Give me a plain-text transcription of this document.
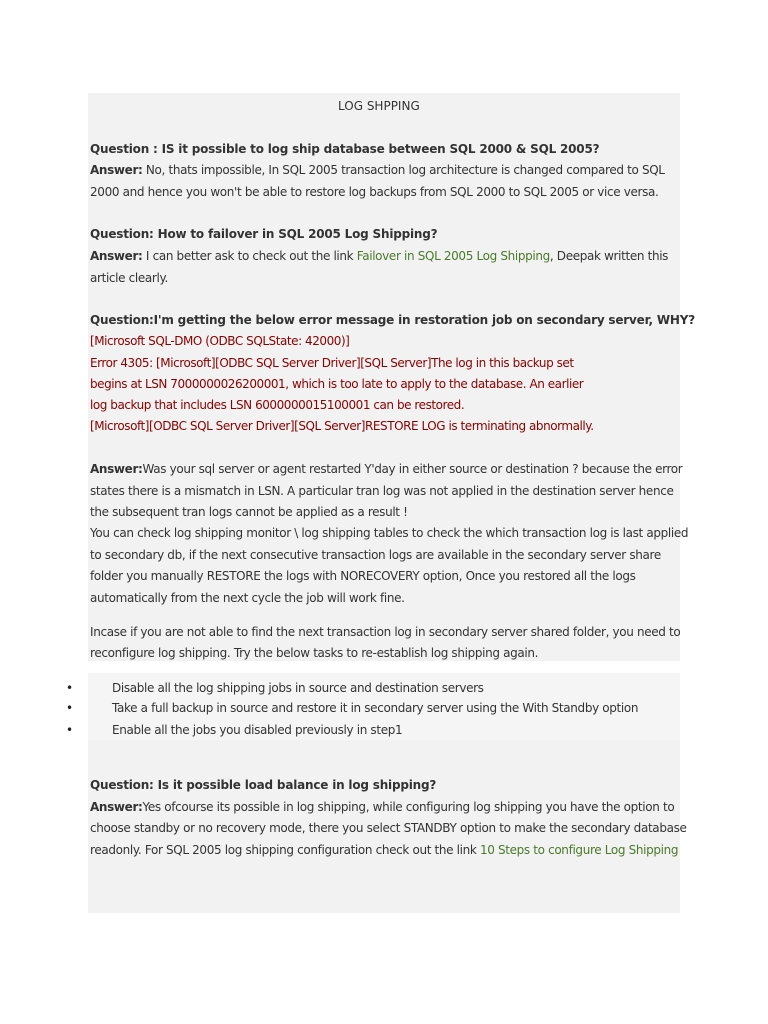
LOG SHPPING
Question : IS it possible to log ship database between SQL 2000 & SQL 2005?
Answer: No, thats impossible, In SQL 2005 transaction log architecture is changed compared to SQL
2000 and hence you won't be able to restore log backups from SQL 2000 to SQL 2005 or vice versa.
Question: How to failover in SQL 2005 Log Shipping?
Answer: I can better ask to check out the link Failover in SQL 2005 Log Shipping, Deepak written this
article clearly.
Question:I'm getting the below error message in restoration job on secondary server, WHY?
[Microsoft SQL-DMO (ODBC SQLState: 42000)]
Error 4305: [Microsoft][ODBC SQL Server Driver][SQL Server]The log in this backup set
begins at LSN 7000000026200001, which is too late to apply to the database. An earlier
log backup that includes LSN 6000000015100001 can be restored.
[Microsoft][ODBC SQL Server Driver][SQL Server]RESTORE LOG is terminating abnormally.
Answer:Was your sql server or agent restarted Y'day in either source or destination ? because the error
states there is a mismatch in LSN. A particular tran log was not applied in the destination server hence
the subsequent tran logs cannot be applied as a result !
You can check log shipping monitor \ log shipping tables to check the which transaction log is last applied
to secondary db, if the next consecutive transaction logs are available in the secondary server share
folder you manually RESTORE the logs with NORECOVERY option, Once you restored all the logs
automatically from the next cycle the job will work fine.
Incase if you are not able to find the next transaction log in secondary server shared folder, you need to
reconfigure log shipping. Try the below tasks to re-establish log shipping again.
•	Disable all the log shipping jobs in source and destination servers
•	Take a full backup in source and restore it in secondary server using the With Standby option
•	Enable all the jobs you disabled previously in step1
Question: Is it possible load balance in log shipping?
Answer:Yes ofcourse its possible in log shipping, while configuring log shipping you have the option to
choose standby or no recovery mode, there you select STANDBY option to make the secondary database
readonly. For SQL 2005 log shipping configuration check out the link 10 Steps to configure Log Shipping
